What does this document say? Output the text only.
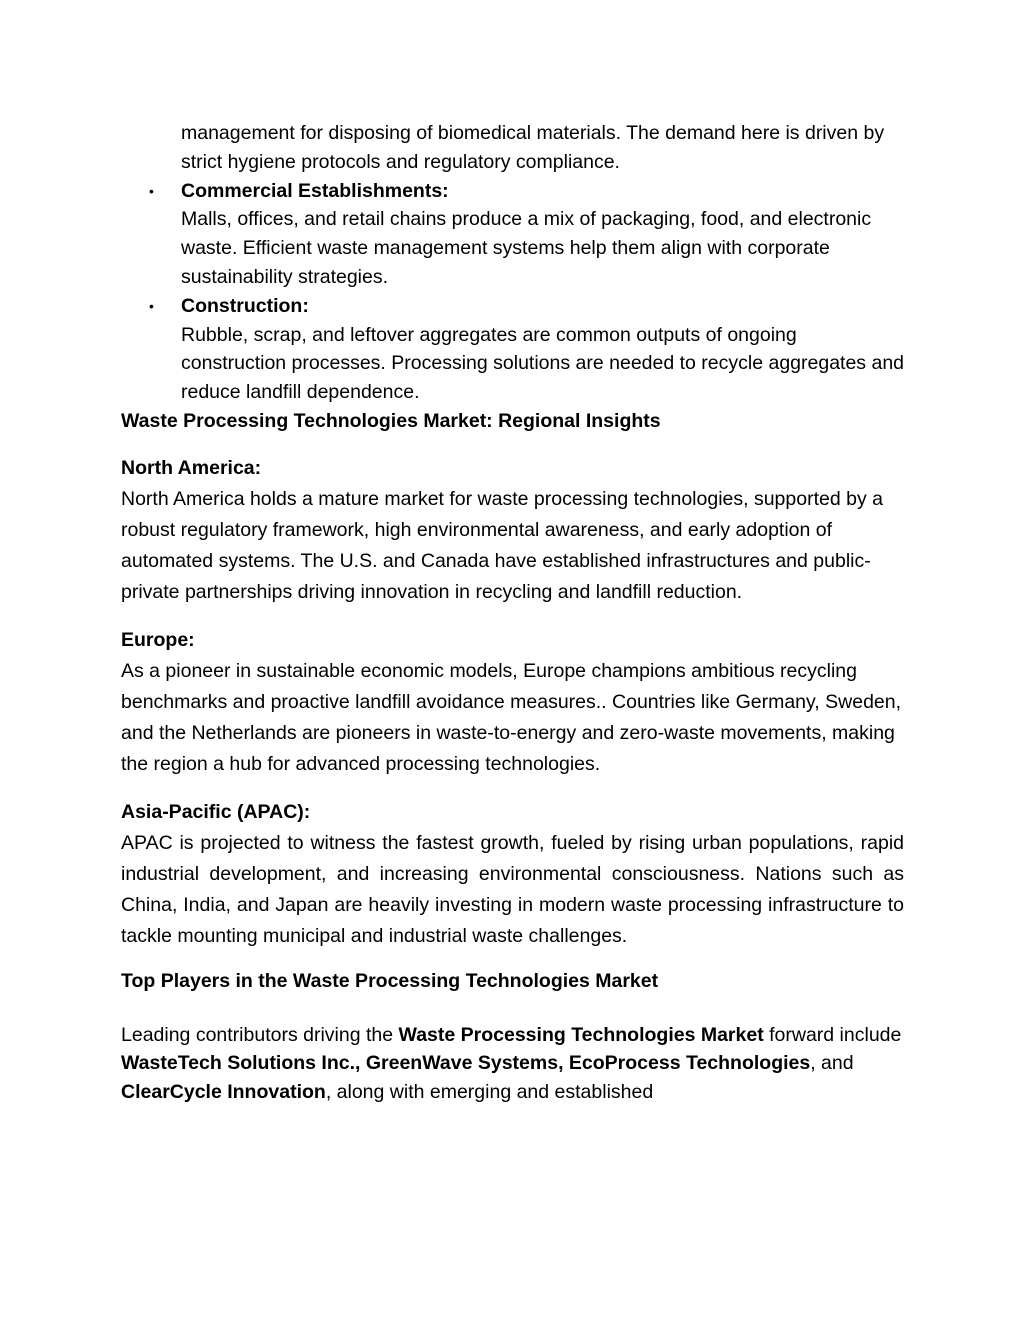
management for disposing of biomedical materials. The demand here is driven by strict hygiene protocols and regulatory compliance.
• Commercial Establishments:
Malls, offices, and retail chains produce a mix of packaging, food, and electronic waste. Efficient waste management systems help them align with corporate sustainability strategies.
• Construction:
Rubble, scrap, and leftover aggregates are common outputs of ongoing construction processes. Processing solutions are needed to recycle aggregates and reduce landfill dependence.
Waste Processing Technologies Market: Regional Insights
North America:
North America holds a mature market for waste processing technologies, supported by a robust regulatory framework, high environmental awareness, and early adoption of automated systems. The U.S. and Canada have established infrastructures and public-private partnerships driving innovation in recycling and landfill reduction.
Europe:
As a pioneer in sustainable economic models, Europe champions ambitious recycling benchmarks and proactive landfill avoidance measures.. Countries like Germany, Sweden, and the Netherlands are pioneers in waste-to-energy and zero-waste movements, making the region a hub for advanced processing technologies.
Asia-Pacific (APAC):
APAC is projected to witness the fastest growth, fueled by rising urban populations, rapid industrial development, and increasing environmental consciousness. Nations such as China, India, and Japan are heavily investing in modern waste processing infrastructure to tackle mounting municipal and industrial waste challenges.
Top Players in the Waste Processing Technologies Market
Leading contributors driving the Waste Processing Technologies Market forward include WasteTech Solutions Inc., GreenWave Systems, EcoProcess Technologies, and ClearCycle Innovation, along with emerging and established
